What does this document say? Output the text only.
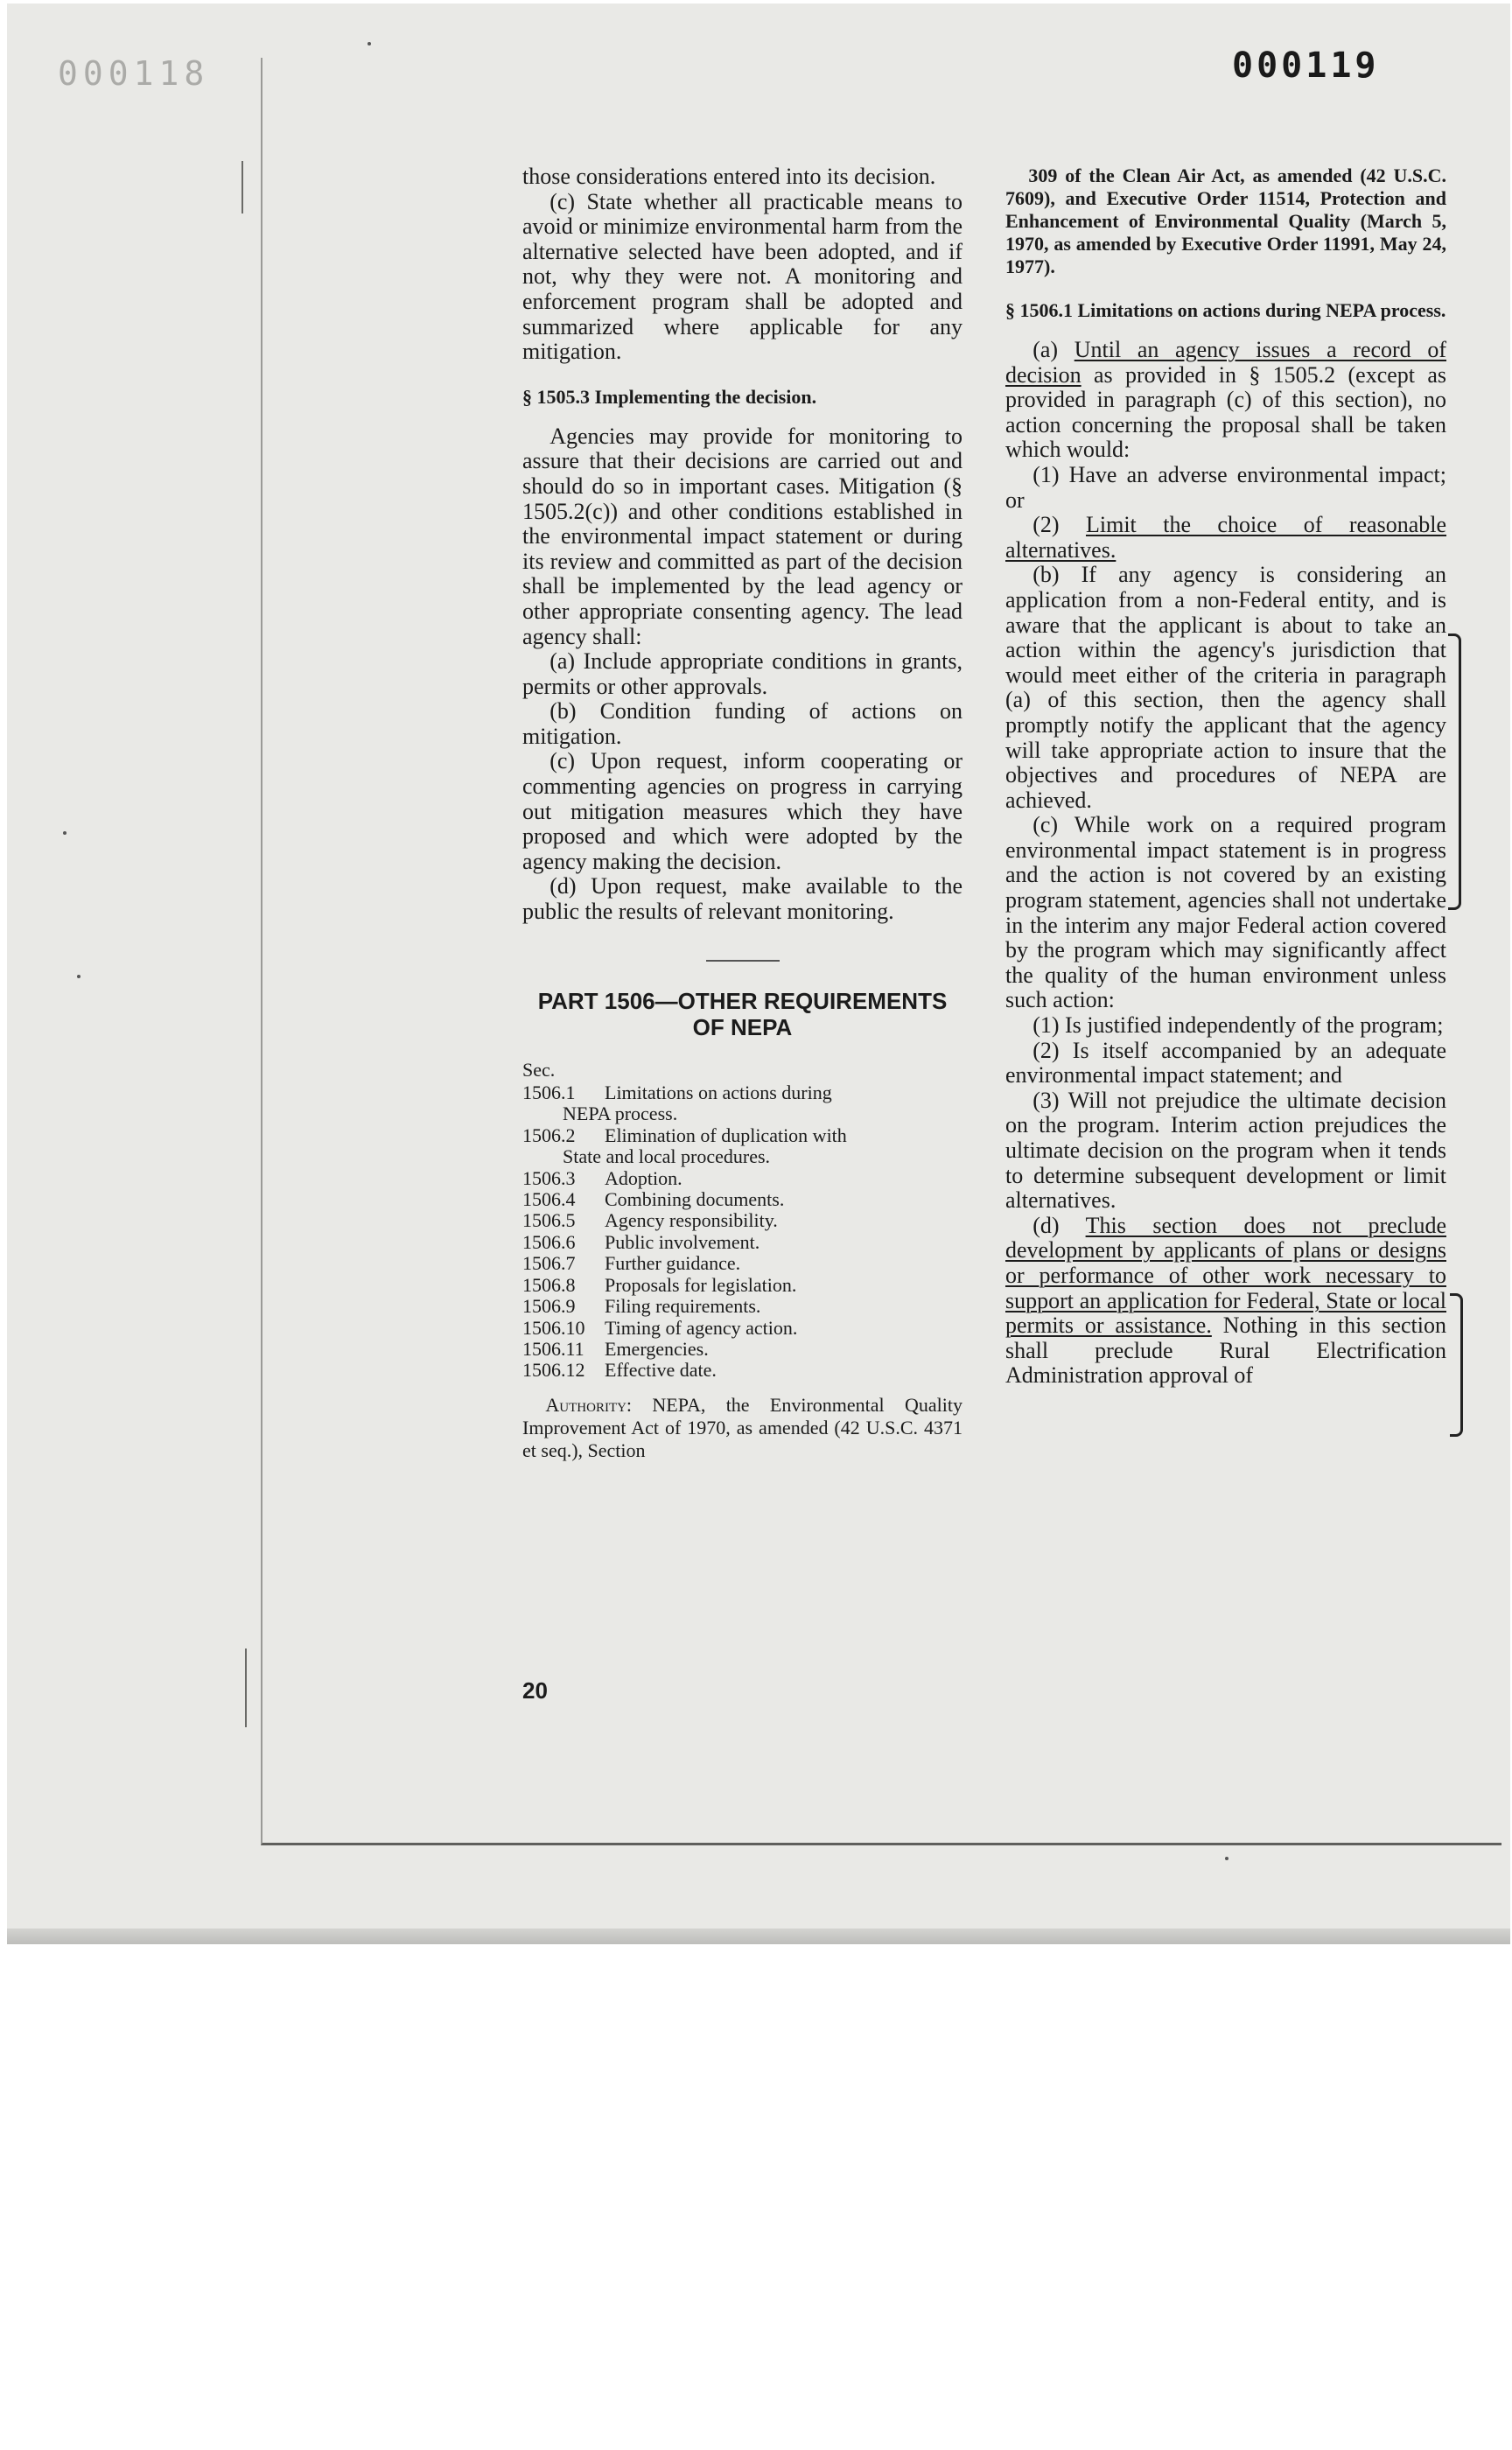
000118	000119

those considerations entered into its decision.

(c) State whether all practicable means to avoid or minimize environmental harm from the alternative selected have been adopted, and if not, why they were not. A monitoring and enforcement program shall be adopted and summarized where applicable for any mitigation.

§ 1505.3 Implementing the decision.

Agencies may provide for monitoring to assure that their decisions are carried out and should do so in important cases. Mitigation (§ 1505.2(c)) and other conditions established in the environmental impact statement or during its review and committed as part of the decision shall be implemented by the lead agency or other appropriate consenting agency. The lead agency shall:

(a) Include appropriate conditions in grants, permits or other approvals.

(b) Condition funding of actions on mitigation.

(c) Upon request, inform cooperating or commenting agencies on progress in carrying out mitigation measures which they have proposed and which were adopted by the agency making the decision.

(d) Upon request, make available to the public the results of relevant monitoring.

PART 1506—OTHER REQUIREMENTS OF NEPA
Sec.
1506.1	Limitations on actions during
NEPA process.
1506.2	Elimination of duplication with
State and local procedures.
1506.3	Adoption.
1506.4	Combining documents.
1506.5	Agency responsibility.
1506.6	Public involvement.
1506.7	Further guidance.
1506.8	Proposals for legislation.
1506.9	Filing requirements.
1506.10	Timing of agency action.
1506.11	Emergencies.
1506.12	Effective date.
Authority: NEPA, the Environmental Quality Improvement Act of 1970, as amended (42 U.S.C. 4371 et seq.), Section
20

309 of the Clean Air Act, as amended (42 U.S.C. 7609), and Executive Order 11514, Protection and Enhancement of Environmental Quality (March 5, 1970, as amended by Executive Order 11991, May 24, 1977).

§ 1506.1 Limitations on actions during NEPA process.

(a) Until an agency issues a record of decision as provided in § 1505.2 (except as provided in paragraph (c) of this section), no action concerning the proposal shall be taken which would:

(1) Have an adverse environmental impact; or

(2) Limit the choice of reasonable alternatives.

(b) If any agency is considering an application from a non-Federal entity, and is aware that the applicant is about to take an action within the agency's jurisdiction that would meet either of the criteria in paragraph (a) of this section, then the agency shall promptly notify the applicant that the agency will take appropriate action to insure that the objectives and procedures of NEPA are achieved.

(c) While work on a required program environmental impact statement is in progress and the action is not covered by an existing program statement, agencies shall not undertake in the interim any major Federal action covered by the program which may significantly affect the quality of the human environment unless such action:

(1) Is justified independently of the program;

(2) Is itself accompanied by an adequate environmental impact statement; and

(3) Will not prejudice the ultimate decision on the program. Interim action prejudices the ultimate decision on the program when it tends to determine subsequent development or limit alternatives.

(d) This section does not preclude development by applicants of plans or designs or performance of other work necessary to support an application for Federal, State or local permits or assistance. Nothing in this section shall preclude Rural Electrification Administration approval of
